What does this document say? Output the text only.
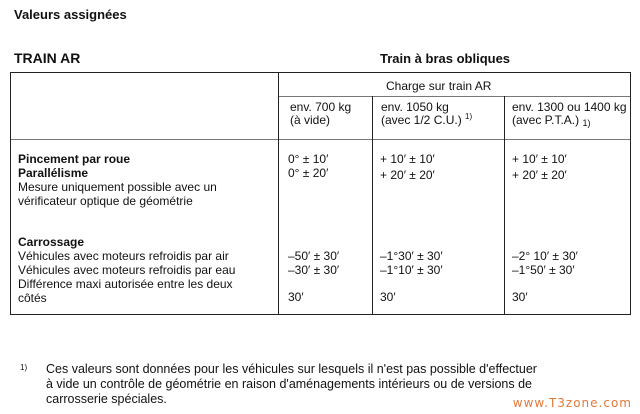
Valeurs assignées
TRAIN AR	Train à bras obliques
Charge sur train AR
env. 700 kg
(à vide)
env. 1050 kg
(avec 1/2 C.U.) $^{1)}$
env. 1300 ou 1400 kg
(avec P.T.A.) 1)
Pincement par roue
Parallélisme
Mesure uniquement possible avec un
vérificateur optique de géométrie
0° ± 10′
0° ± 20′
+ 10′ ± 10′
+ 20′ ± 20′
+ 10′ ± 10′
+ 20′ ± 20′
Carrossage
Véhicules avec moteurs refroidis par air
Véhicules avec moteurs refroidis par eau
Différence maxi autorisée entre les deux
côtés
–50′ ± 30′
–30′ ± 30′
30′
–1°30′ ± 30′
–1°10′ ± 30′
30′
–2° 10′ ± 30′
–1°50′ ± 30′
30′
1) Ces valeurs sont données pour les véhicules sur lesquels il n'est pas possible d'effectuer
à vide un contrôle de géométrie en raison d'aménagements intérieurs ou de versions de
carrosserie spéciales.	www.T3zone.com
